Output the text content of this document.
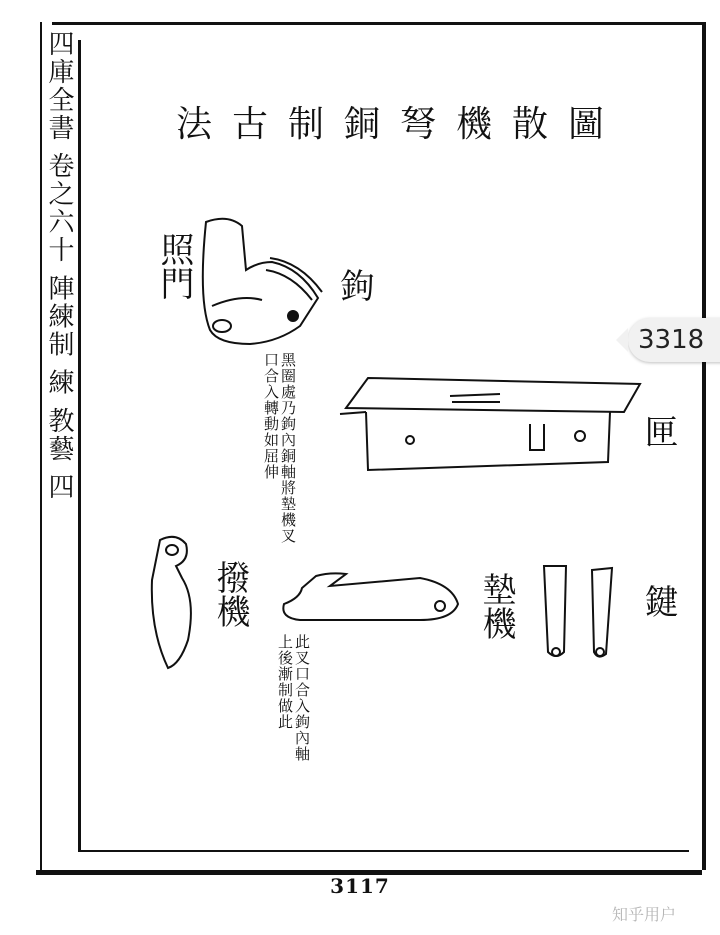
四庫全書 卷之六十 陣練制 練 教藝 四	法古制銅弩機散圖
照門	鉤
匣
撥機	墊機	鍵
黑圈處乃鉤內銅軸將墊機叉口合入轉動如屈伸
此叉口合入鉤內軸上後漸制做此
3117
3318
知乎用户
